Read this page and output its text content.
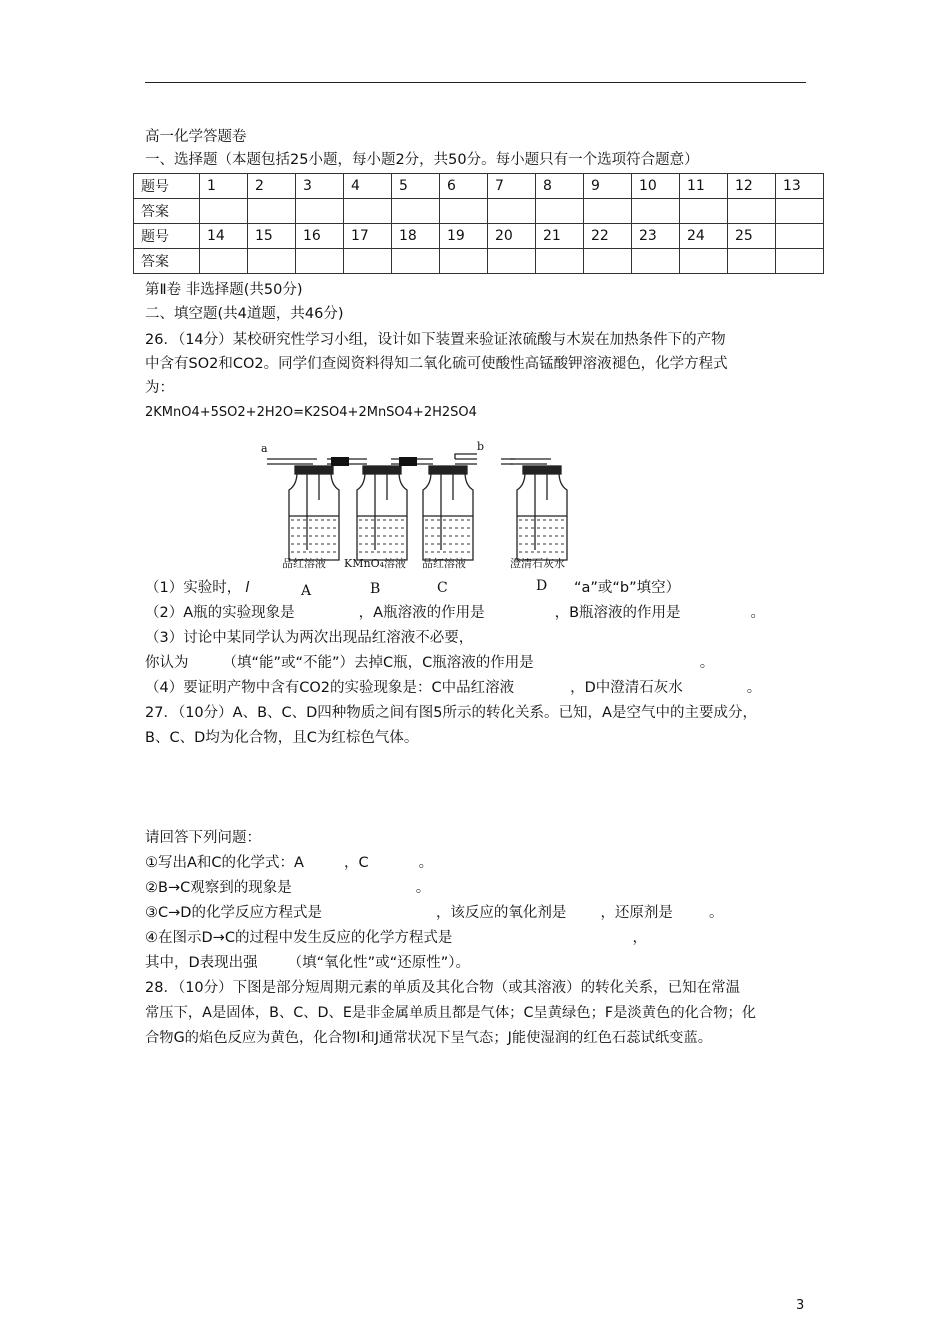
高一化学答题卷
一、选择题（本题包括25小题，每小题2分，共50分。每小题只有一个选项符合题意）
题号	1	2	3	4	5	6	7	8	9	10	11	12	13
答案													
题号	14	15	16	17	18	19	20	21	22	23	24	25	
答案													
第Ⅱ卷 非选择题(共50分)
二、填空题(共4道题，共46分)
26．（14分）某校研究性学习小组，设计如下装置来验证浓硫酸与木炭在加热条件下的产物
中含有SO2和CO2。同学们查阅资料得知二氧化硫可使酸性高锰酸钾溶液褪色，化学方程式
为：
2KMnO4+5SO2+2H2O=K2SO4+2MnSO4+2H2SO4
a	b
品红溶液 KMnO₄溶液 品红溶液	澄清石灰水
（1）实验时， l	A	B	C	D “a”或“b”填空）
（2）A瓶的实验现象是	，A瓶溶液的作用是	，B瓶溶液的作用是	。
（3）讨论中某同学认为两次出现品红溶液不必要，
你认为 （填“能”或“不能”）去掉C瓶，C瓶溶液的作用是	。
（4）要证明产物中含有CO2的实验现象是：C中品红溶液	，D中澄清石灰水	。
27．（10分）A、B、C、D四种物质之间有图5所示的转化关系。已知，A是空气中的主要成分，
B、C、D均为化合物，且C为红棕色气体。
请回答下列问题：
①写出A和C的化学式：A	，C	。
②B→C观察到的现象是	。
③C→D的化学反应方程式是	，该反应的氧化剂是 ，还原剂是 。
④在图示D→C的过程中发生反应的化学方程式是	，
其中，D表现出强 （填“氧化性”或“还原性”）。
28．（10分）下图是部分短周期元素的单质及其化合物（或其溶液）的转化关系，已知在常温
常压下，A是固体，B、C、D、E是非金属单质且都是气体；C呈黄绿色；F是淡黄色的化合物；化
合物G的焰色反应为黄色，化合物I和J通常状况下呈气态；J能使湿润的红色石蕊试纸变蓝。
3
